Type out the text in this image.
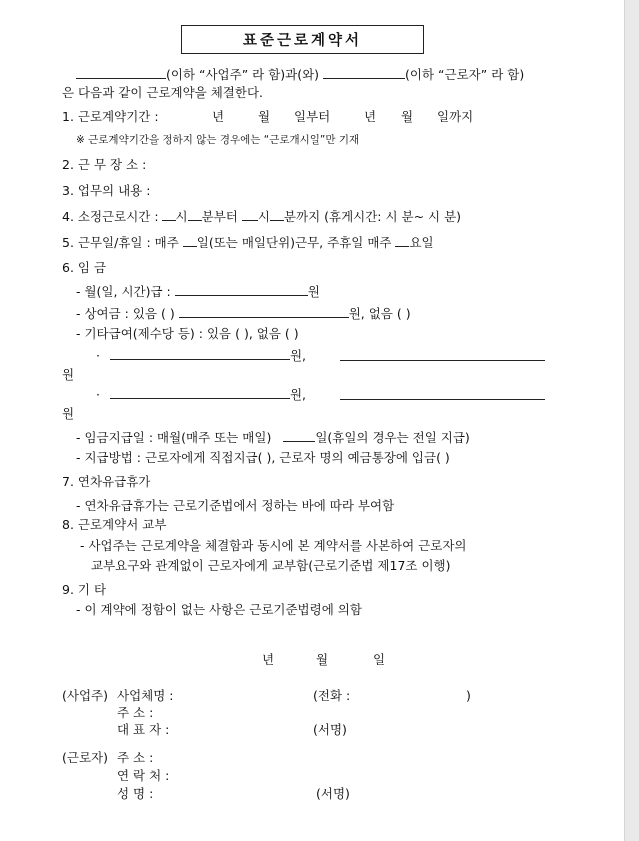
표준근로계약서
(이하 “사업주” 라 함)과(와)	(이하 “근로자” 라 함)
은 다음과 같이 근로계약을 체결한다.
1. 근로계약기간 :	년	월 일부터	년 월 일까지
※ 근로계약기간을 정하지 않는 경우에는 “근로개시일”만 기재
2. 근 무 장 소 :
3. 업무의 내용 :
4. 소정근로시간 : 시 분부터 시 분까지 (휴게시간: 시 분~ 시 분)
5. 근무일/휴일 : 매주 일(또는 매일단위)근무, 주휴일 매주 요일
6. 임 금
- 월(일, 시간)급 :	원
- 상여금 : 있음 ( )	원, 없음 ( )
- 기타급여(제수당 등) : 있음 ( ), 없음 ( )
·	원,
원
·	원,
원
- 임금지급일 : 매월(매주 또는 매일)	일(휴일의 경우는 전일 지급)
- 지급방법 : 근로자에게 직접지급( ), 근로자 명의 예금통장에 입금( )
7. 연차유급휴가
- 연차유급휴가는 근로기준법에서 정하는 바에 따라 부여함
8. 근로계약서 교부
- 사업주는 근로계약을 체결함과 동시에 본 계약서를 사본하여 근로자의
교부요구와 관계없이 근로자에게 교부함(근로기준법 제17조 이행)
9. 기 타
- 이 계약에 정함이 없는 사항은 근로기준법령에 의함
년	월	일
(사업주) 사업체명 :	(전화 :	)
주 소 :
대 표 자 :	(서명)
(근로자) 주 소 :
연 락 처 :
성 명 :	(서명)
